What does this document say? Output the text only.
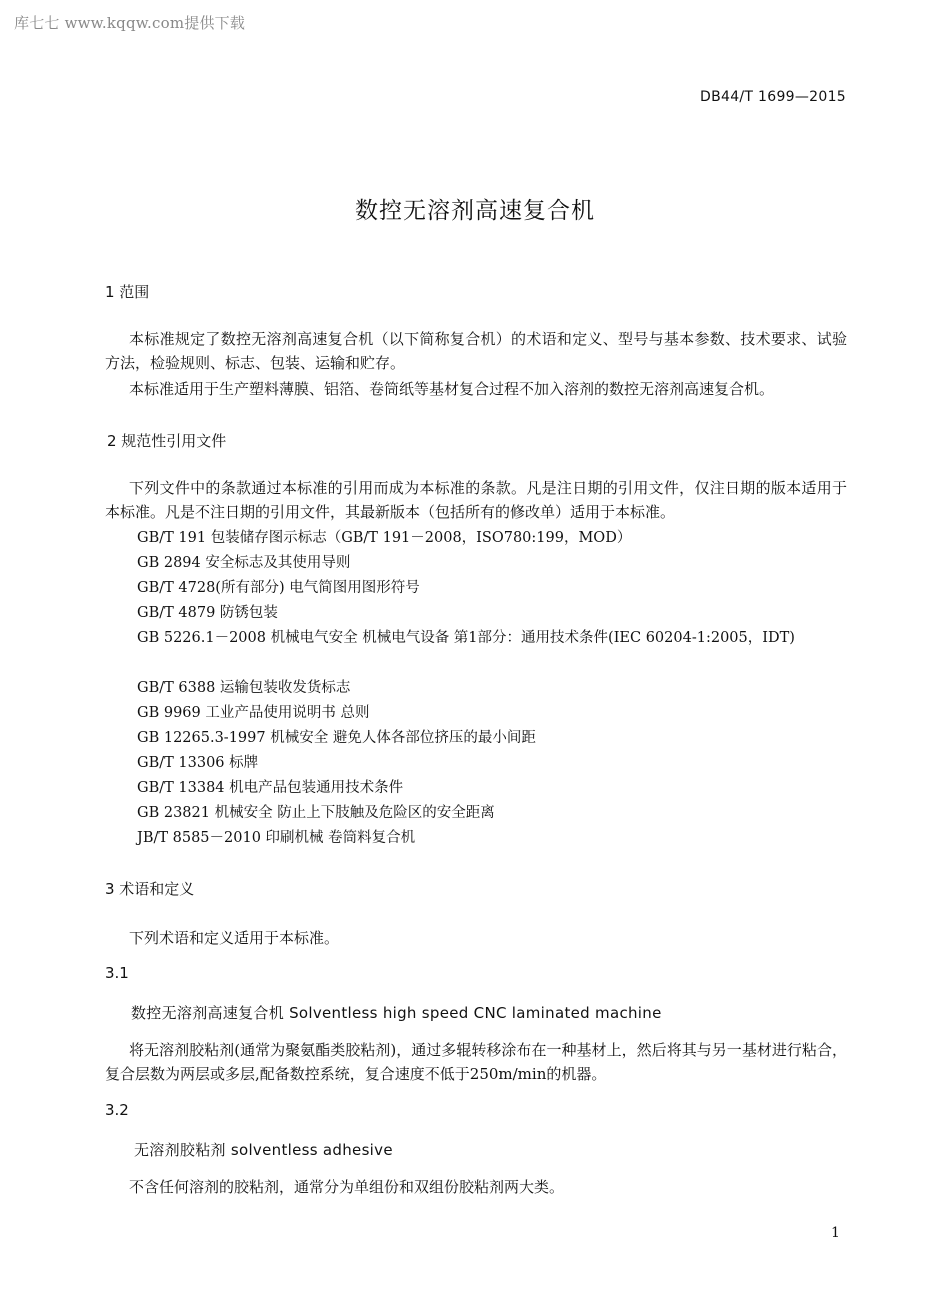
库七七 www.kqqw.com提供下载
DB44/T 1699—2015
数控无溶剂高速复合机
1 范围
本标准规定了数控无溶剂高速复合机（以下简称复合机）的术语和定义、型号与基本参数、技术要求、试验方法，检验规则、标志、包装、运输和贮存。
本标准适用于生产塑料薄膜、铝箔、卷筒纸等基材复合过程不加入溶剂的数控无溶剂高速复合机。
2 规范性引用文件
下列文件中的条款通过本标准的引用而成为本标准的条款。凡是注日期的引用文件，仅注日期的版本适用于本标准。凡是不注日期的引用文件，其最新版本（包括所有的修改单）适用于本标准。
GB/T 191 包装储存图示标志（GB/T 191－2008，ISO780:199，MOD）
GB 2894 安全标志及其使用导则
GB/T 4728(所有部分) 电气简图用图形符号
GB/T 4879 防锈包装
GB 5226.1－2008 机械电气安全 机械电气设备 第1部分：通用技术条件(IEC 60204-1:2005，IDT)
GB/T 6388 运输包装收发货标志
GB 9969 工业产品使用说明书 总则
GB 12265.3-1997 机械安全 避免人体各部位挤压的最小间距
GB/T 13306 标牌
GB/T 13384 机电产品包装通用技术条件
GB 23821 机械安全 防止上下肢触及危险区的安全距离
JB/T 8585－2010 印刷机械 卷筒料复合机
3 术语和定义
下列术语和定义适用于本标准。
3.1
数控无溶剂高速复合机 Solventless high speed CNC laminated machine
将无溶剂胶粘剂(通常为聚氨酯类胶粘剂)，通过多辊转移涂布在一种基材上，然后将其与另一基材进行粘合，复合层数为两层或多层,配备数控系统，复合速度不低于250m/min的机器。
3.2
无溶剂胶粘剂 solventless adhesive
不含任何溶剂的胶粘剂，通常分为单组份和双组份胶粘剂两大类。
1
